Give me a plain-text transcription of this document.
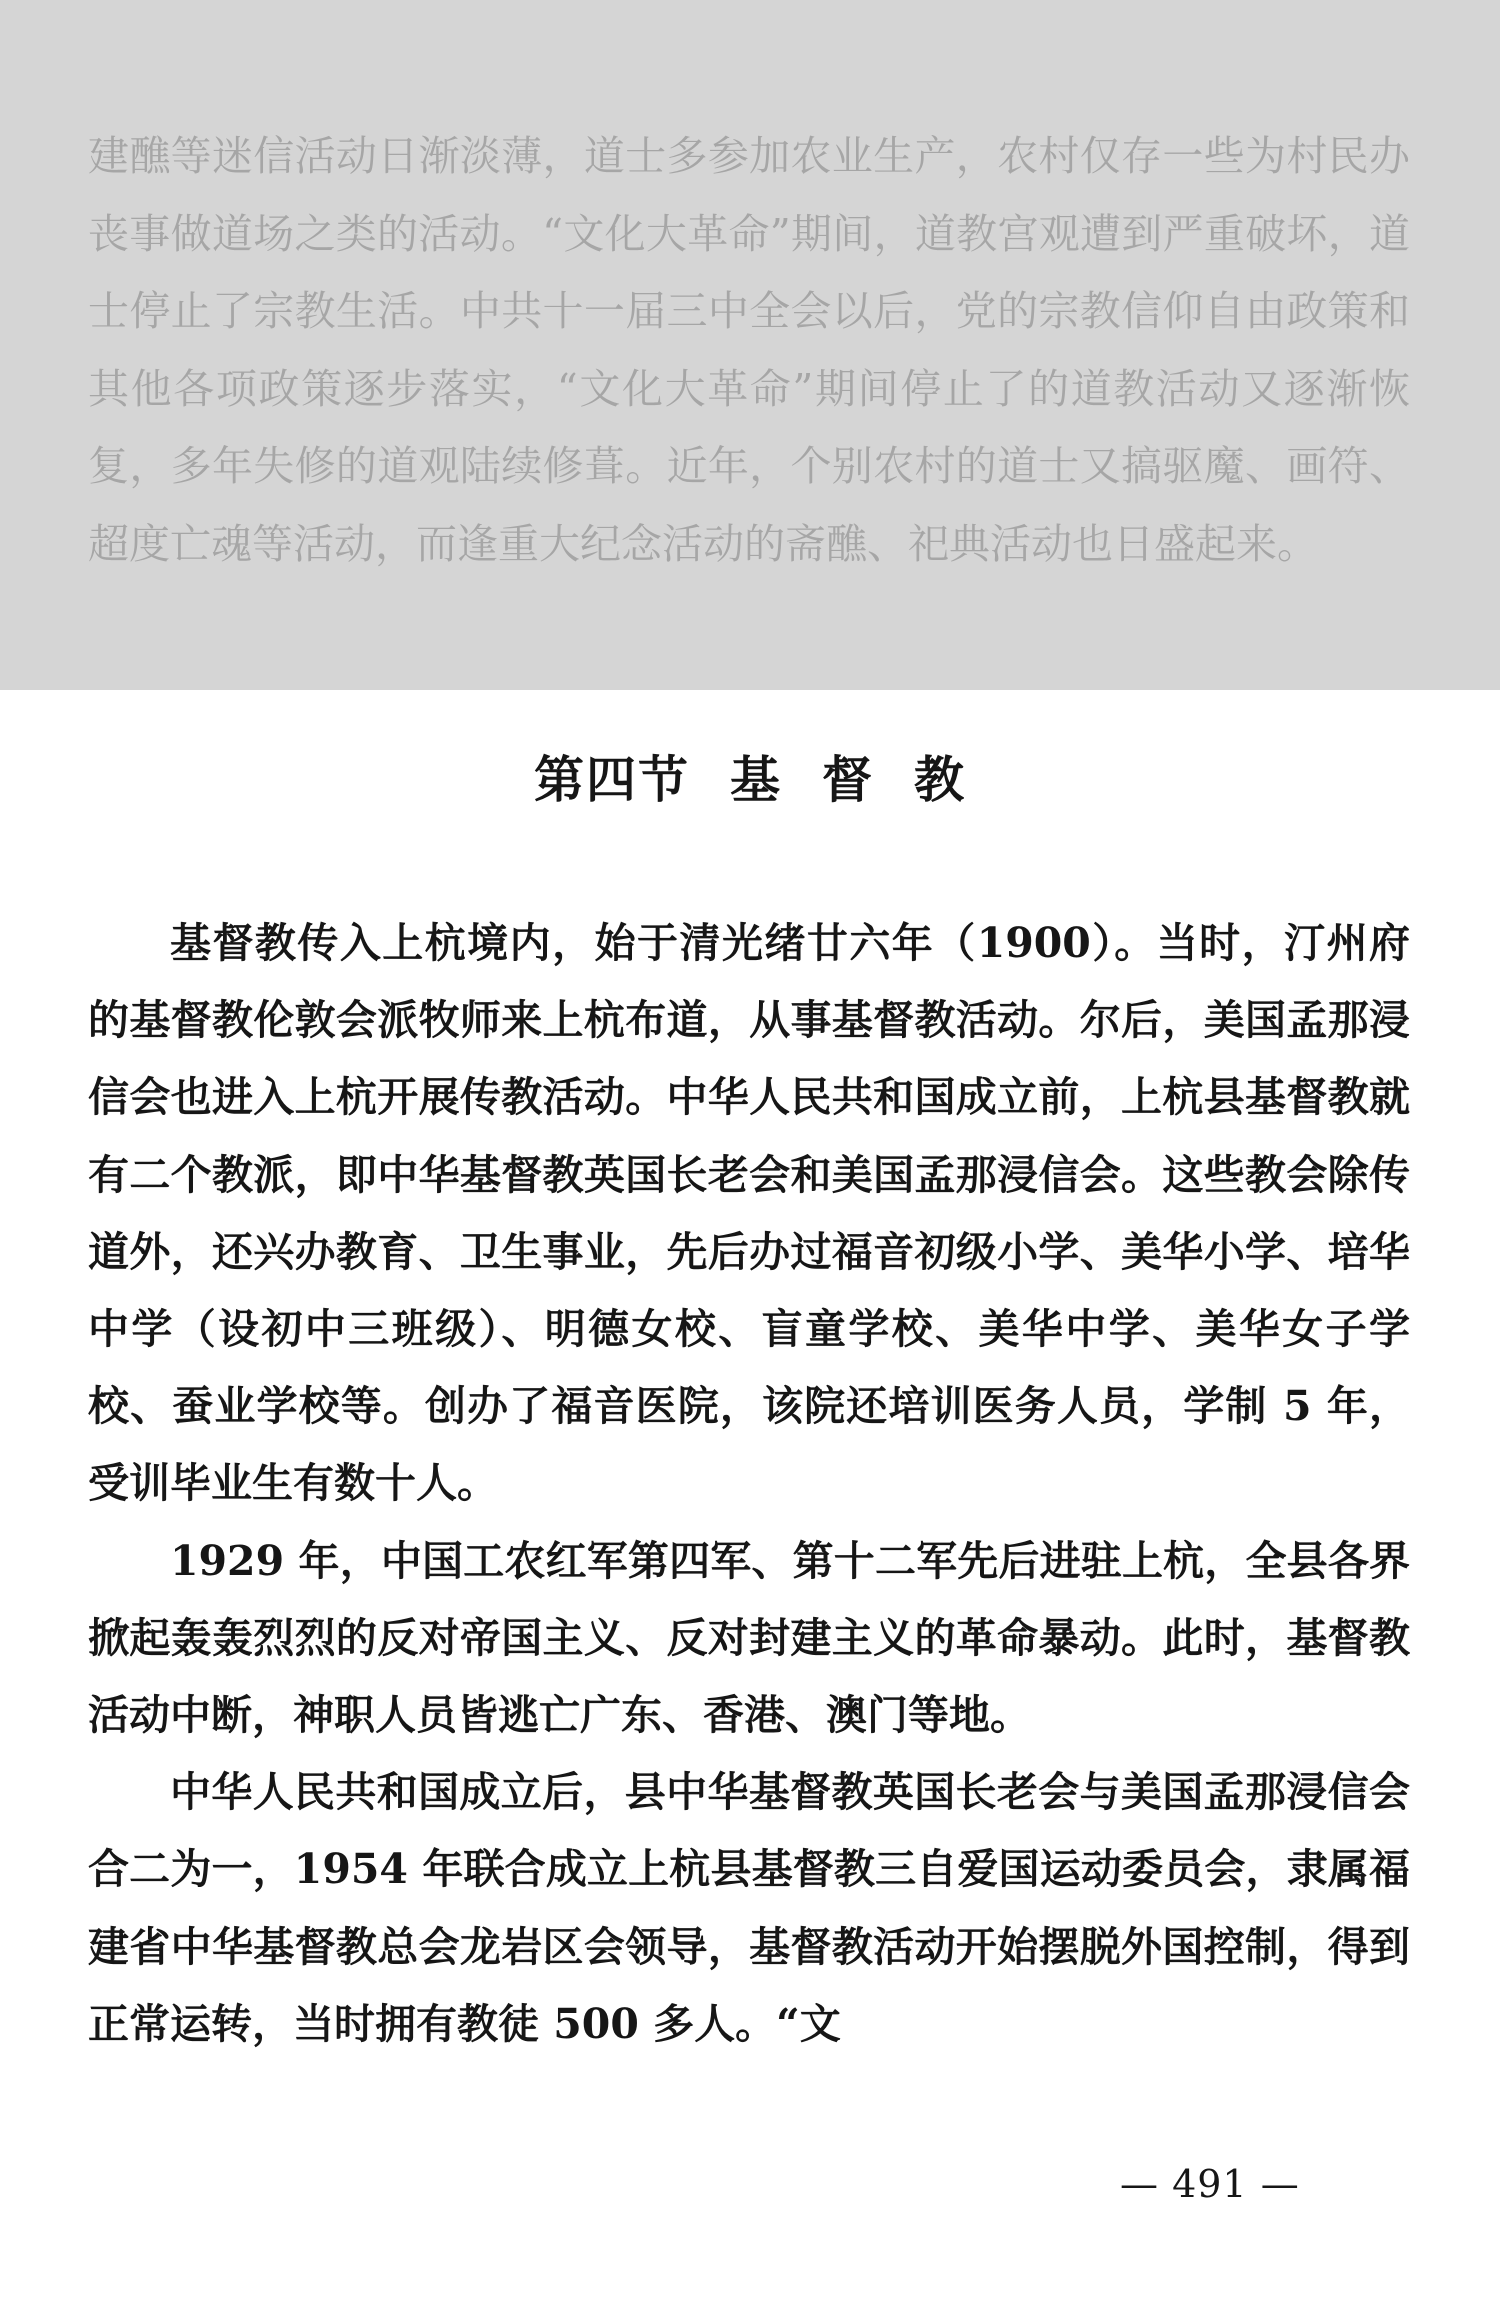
建醮等迷信活动日渐淡薄，道士多参加农业生产，农村仅存一些为村民办丧事做道场之类的活动。“文化大革命”期间，道教宫观遭到严重破坏，道士停止了宗教生活。中共十一届三中全会以后，党的宗教信仰自由政策和其他各项政策逐步落实，“文化大革命”期间停止了的道教活动又逐渐恢复，多年失修的道观陆续修葺。近年，个别农村的道士又搞驱魔、画符、超度亡魂等活动，而逢重大纪念活动的斋醮、祀典活动也日盛起来。

第四节 基 督 教

基督教传入上杭境内，始于清光绪廿六年（1900）。当时，汀州府的基督教伦敦会派牧师来上杭布道，从事基督教活动。尔后，美国孟那浸信会也进入上杭开展传教活动。中华人民共和国成立前，上杭县基督教就有二个教派，即中华基督教英国长老会和美国孟那浸信会。这些教会除传道外，还兴办教育、卫生事业，先后办过福音初级小学、美华小学、培华中学（设初中三班级）、明德女校、盲童学校、美华中学、美华女子学校、蚕业学校等。创办了福音医院，该院还培训医务人员，学制 5 年，受训毕业生有数十人。

1929 年，中国工农红军第四军、第十二军先后进驻上杭，全县各界掀起轰轰烈烈的反对帝国主义、反对封建主义的革命暴动。此时，基督教活动中断，神职人员皆逃亡广东、香港、澳门等地。

中华人民共和国成立后，县中华基督教英国长老会与美国孟那浸信会合二为一，1954 年联合成立上杭县基督教三自爱国运动委员会，隶属福建省中华基督教总会龙岩区会领导，基督教活动开始摆脱外国控制，得到正常运转，当时拥有教徒 500 多人。“文

— 491 —
